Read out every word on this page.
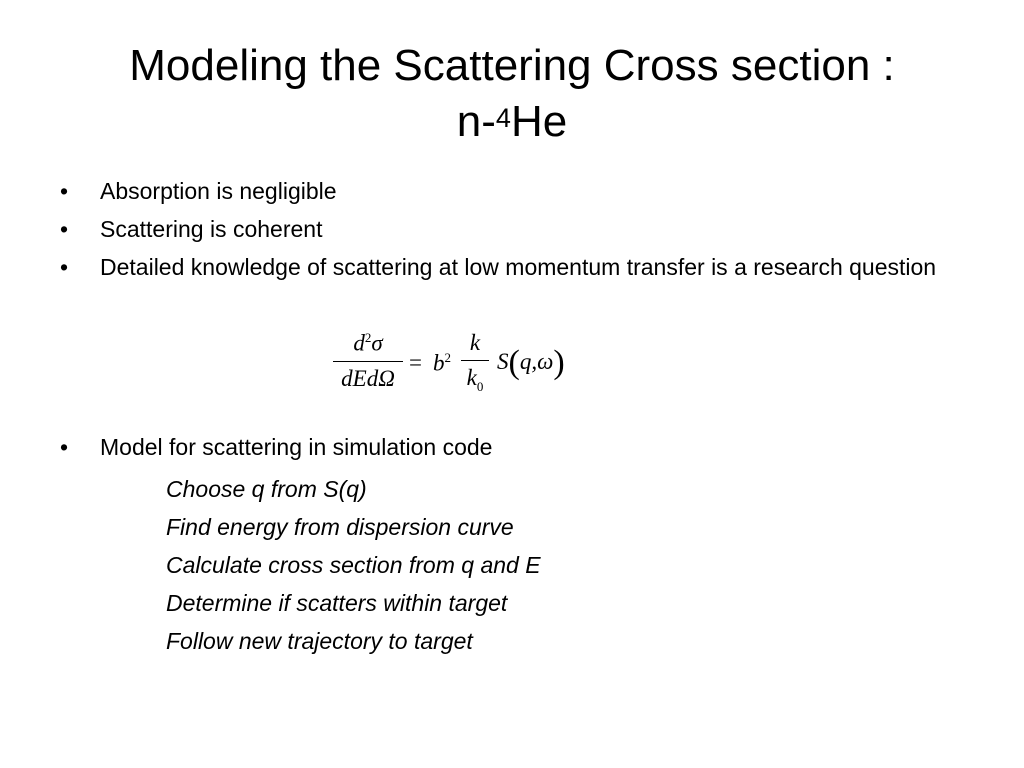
Modeling the Scattering Cross section :
n-$^4$He
•	Absorption is negligible
•	Scattering is coherent
•	Detailed knowledge of scattering at low momentum transfer is a research question
•	Model for scattering in simulation code
$d^2\sigma$
dEdΩ
= $b^2$
k
$k_0$
S(q,ω)
Choose q from S(q)
Find energy from dispersion curve
Calculate cross section from q and E
Determine if scatters within target
Follow new trajectory to target
